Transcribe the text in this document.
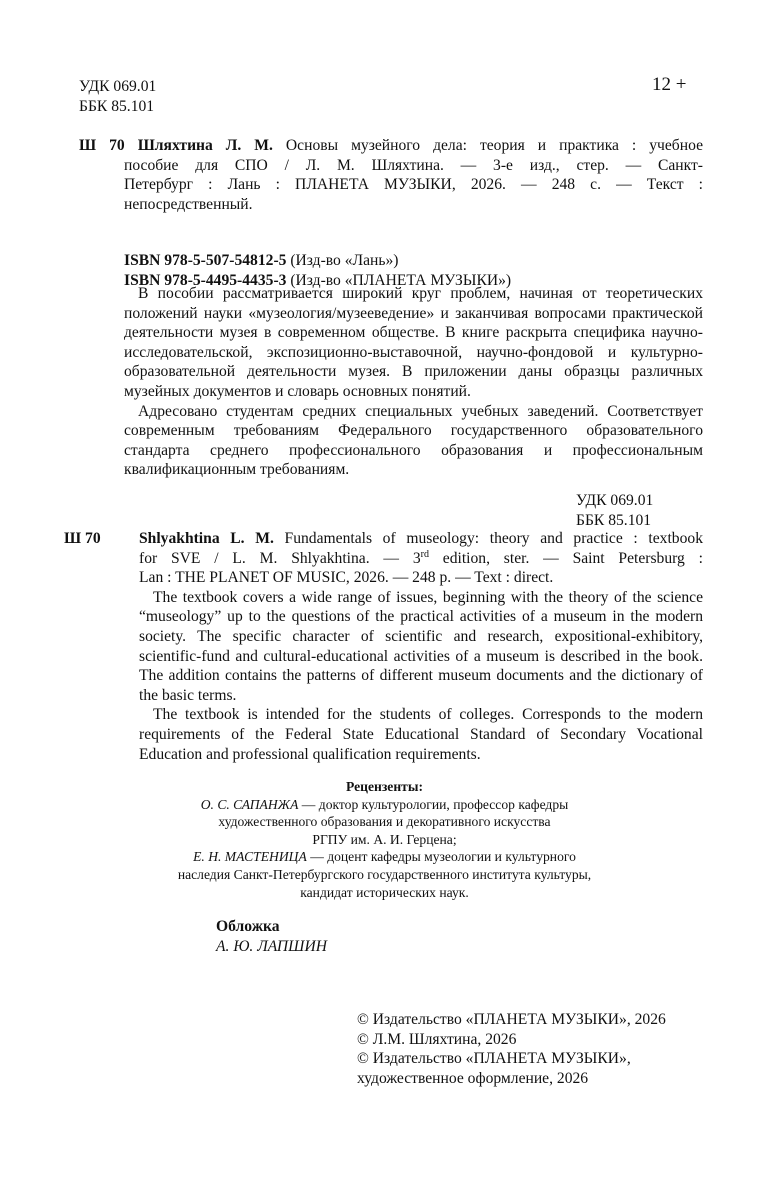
УДК 069.01
ББК 85.101
12 +

Ш 70 Шляхтина Л. М. Основы музейного дела: теория и практика : учебное

пособие для СПО / Л. М. Шляхтина. — 3-е изд., стер. — Санкт-

Петербург : Лань : ПЛАНЕТА МУЗЫКИ, 2026. — 248 с. — Текст :

непосредственный.

ISBN 978-5-507-54812-5 (Изд-во «Лань»)
ISBN 978-5-4495-4435-3 (Изд-во «ПЛАНЕТА МУЗЫКИ»)

В пособии рассматривается широкий круг проблем, начиная от теоретических положений науки «музеология/музееведение» и заканчивая вопросами практической деятельности музея в современном обществе. В книге раскрыта специфика научно-исследовательской, экспозиционно-выставочной, научно-фондовой и культурно-образовательной деятельности музея. В приложении даны образцы различных музейных документов и словарь основных понятий.

Адресовано студентам средних специальных учебных заведений. Соответствует современным требованиям Федерального государственного образовательного стандарта среднего профессионального образования и профессиональным квалификационным требованиям.

УДК 069.01
ББК 85.101
Ш 70 Shlyakhtina L. M. Fundamentals of museology: theory and practice : textbook

for SVE / L. M. Shlyakhtina. — 3rd edition, ster. — Saint Petersburg :

Lan : THE PLANET OF MUSIC, 2026. — 248 p. — Text : direct.

The textbook covers a wide range of issues, beginning with the theory of the science “museology” up to the questions of the practical activities of a museum in the modern society. The specific character of scientific and research, expositional-exhibitory, scientific-fund and cultural-educational activities of a museum is described in the book. The addition contains the patterns of different museum documents and the dictionary of the basic terms.

The textbook is intended for the students of colleges. Corresponds to the modern requirements of the Federal State Educational Standard of Secondary Vocational Education and professional qualification requirements.

Рецензенты:
О. С. САПАНЖА — доктор культурологии, профессор кафедры
художественного образования и декоративного искусства
РГПУ им. А. И. Герцена;
Е. Н. МАСТЕНИЦА — доцент кафедры музеологии и культурного
наследия Санкт-Петербургского государственного института культуры,
кандидат исторических наук.
Обложка
А. Ю. ЛАПШИН
© Издательство «ПЛАНЕТА МУЗЫКИ», 2026
© Л.М. Шляхтина, 2026
© Издательство «ПЛАНЕТА МУЗЫКИ»,
художественное оформление, 2026
